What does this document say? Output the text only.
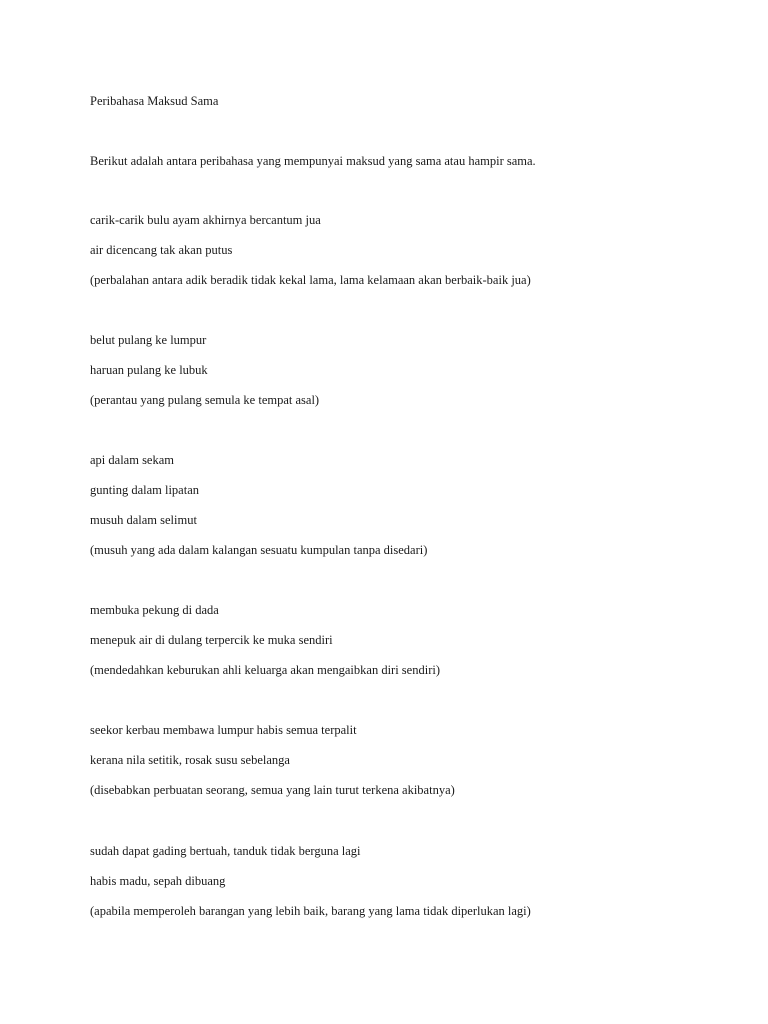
Peribahasa Maksud Sama
Berikut adalah antara peribahasa yang mempunyai maksud yang sama atau hampir sama.
carik-carik bulu ayam akhirnya bercantum jua
air dicencang tak akan putus
(perbalahan antara adik beradik tidak kekal lama, lama kelamaan akan berbaik-baik jua)
belut pulang ke lumpur
haruan pulang ke lubuk
(perantau yang pulang semula ke tempat asal)
api dalam sekam
gunting dalam lipatan
musuh dalam selimut
(musuh yang ada dalam kalangan sesuatu kumpulan tanpa disedari)
membuka pekung di dada
menepuk air di dulang terpercik ke muka sendiri
(mendedahkan keburukan ahli keluarga akan mengaibkan diri sendiri)
seekor kerbau membawa lumpur habis semua terpalit
kerana nila setitik, rosak susu sebelanga
(disebabkan perbuatan seorang, semua yang lain turut terkena akibatnya)
sudah dapat gading bertuah, tanduk tidak berguna lagi
habis madu, sepah dibuang
(apabila memperoleh barangan yang lebih baik, barang yang lama tidak diperlukan lagi)
